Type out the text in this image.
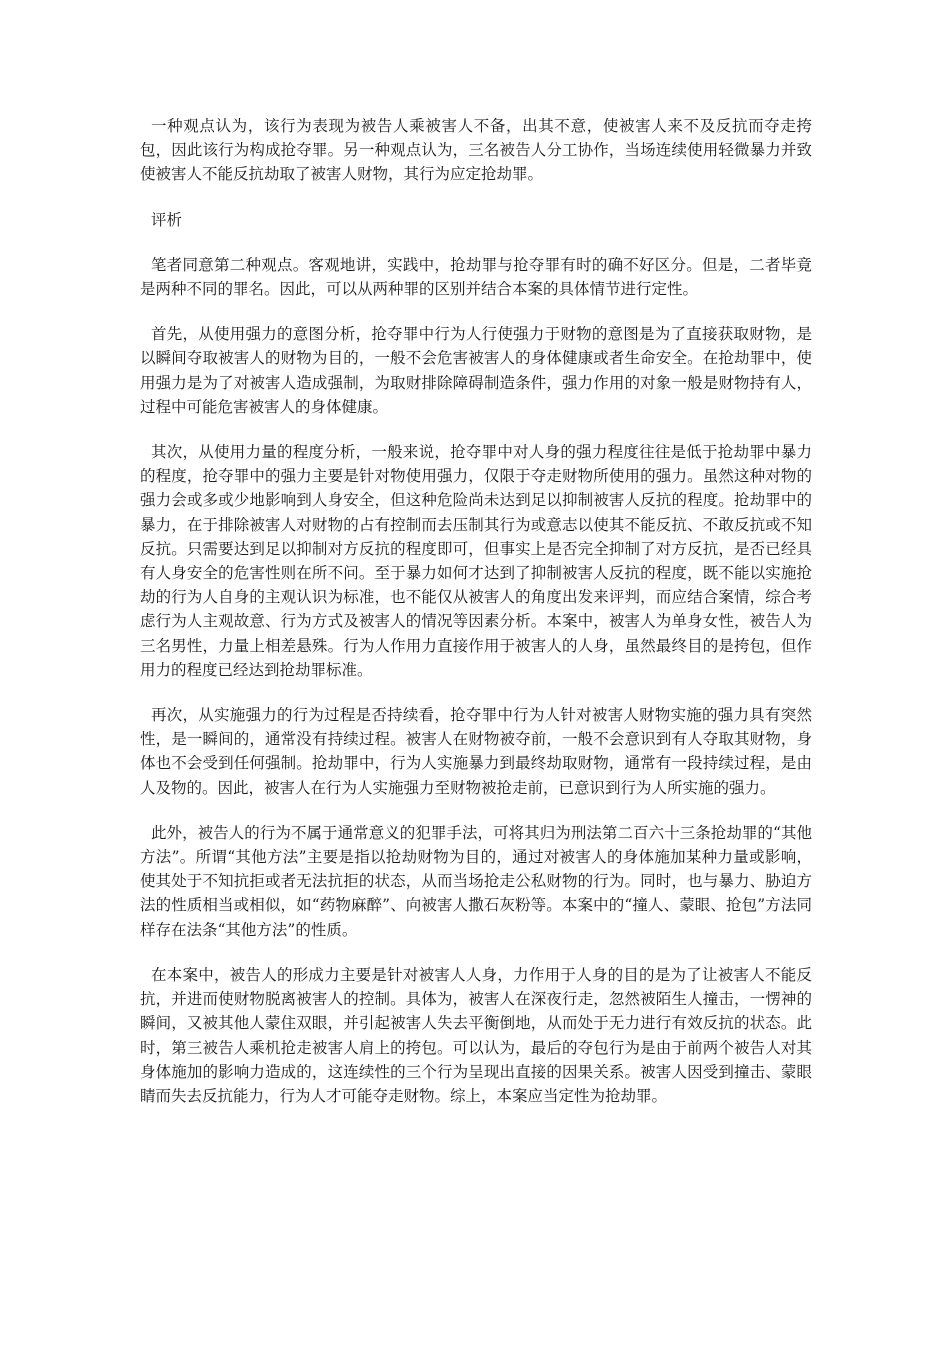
一种观点认为，该行为表现为被告人乘被害人不备，出其不意，使被害人来不及反抗而夺走挎包，因此该行为构成抢夺罪。另一种观点认为，三名被告人分工协作，当场连续使用轻微暴力并致使被害人不能反抗劫取了被害人财物，其行为应定抢劫罪。

评析

笔者同意第二种观点。客观地讲，实践中，抢劫罪与抢夺罪有时的确不好区分。但是，二者毕竟是两种不同的罪名。因此，可以从两种罪的区别并结合本案的具体情节进行定性。

首先，从使用强力的意图分析，抢夺罪中行为人行使强力于财物的意图是为了直接获取财物，是以瞬间夺取被害人的财物为目的，一般不会危害被害人的身体健康或者生命安全。在抢劫罪中，使用强力是为了对被害人造成强制，为取财排除障碍制造条件，强力作用的对象一般是财物持有人，过程中可能危害被害人的身体健康。

其次，从使用力量的程度分析，一般来说，抢夺罪中对人身的强力程度往往是低于抢劫罪中暴力的程度，抢夺罪中的强力主要是针对物使用强力，仅限于夺走财物所使用的强力。虽然这种对物的强力会或多或少地影响到人身安全，但这种危险尚未达到足以抑制被害人反抗的程度。抢劫罪中的暴力，在于排除被害人对财物的占有控制而去压制其行为或意志以使其不能反抗、不敢反抗或不知反抗。只需要达到足以抑制对方反抗的程度即可，但事实上是否完全抑制了对方反抗，是否已经具有人身安全的危害性则在所不问。至于暴力如何才达到了抑制被害人反抗的程度，既不能以实施抢劫的行为人自身的主观认识为标准，也不能仅从被害人的角度出发来评判，而应结合案情，综合考虑行为人主观故意、行为方式及被害人的情况等因素分析。本案中，被害人为单身女性，被告人为三名男性，力量上相差悬殊。行为人作用力直接作用于被害人的人身，虽然最终目的是挎包，但作用力的程度已经达到抢劫罪标准。

再次，从实施强力的行为过程是否持续看，抢夺罪中行为人针对被害人财物实施的强力具有突然性，是一瞬间的，通常没有持续过程。被害人在财物被夺前，一般不会意识到有人夺取其财物，身体也不会受到任何强制。抢劫罪中，行为人实施暴力到最终劫取财物，通常有一段持续过程，是由人及物的。因此，被害人在行为人实施强力至财物被抢走前，已意识到行为人所实施的强力。

此外，被告人的行为不属于通常意义的犯罪手法，可将其归为刑法第二百六十三条抢劫罪的“其他方法”。所谓“其他方法”主要是指以抢劫财物为目的，通过对被害人的身体施加某种力量或影响，使其处于不知抗拒或者无法抗拒的状态，从而当场抢走公私财物的行为。同时，也与暴力、胁迫方法的性质相当或相似，如“药物麻醉”、向被害人撒石灰粉等。本案中的“撞人、蒙眼、抢包”方法同样存在法条“其他方法”的性质。

在本案中，被告人的形成力主要是针对被害人人身，力作用于人身的目的是为了让被害人不能反抗，并进而使财物脱离被害人的控制。具体为，被害人在深夜行走，忽然被陌生人撞击，一愣神的瞬间，又被其他人蒙住双眼，并引起被害人失去平衡倒地，从而处于无力进行有效反抗的状态。此时，第三被告人乘机抢走被害人肩上的挎包。可以认为，最后的夺包行为是由于前两个被告人对其身体施加的影响力造成的，这连续性的三个行为呈现出直接的因果关系。被害人因受到撞击、蒙眼睛而失去反抗能力，行为人才可能夺走财物。综上，本案应当定性为抢劫罪。
